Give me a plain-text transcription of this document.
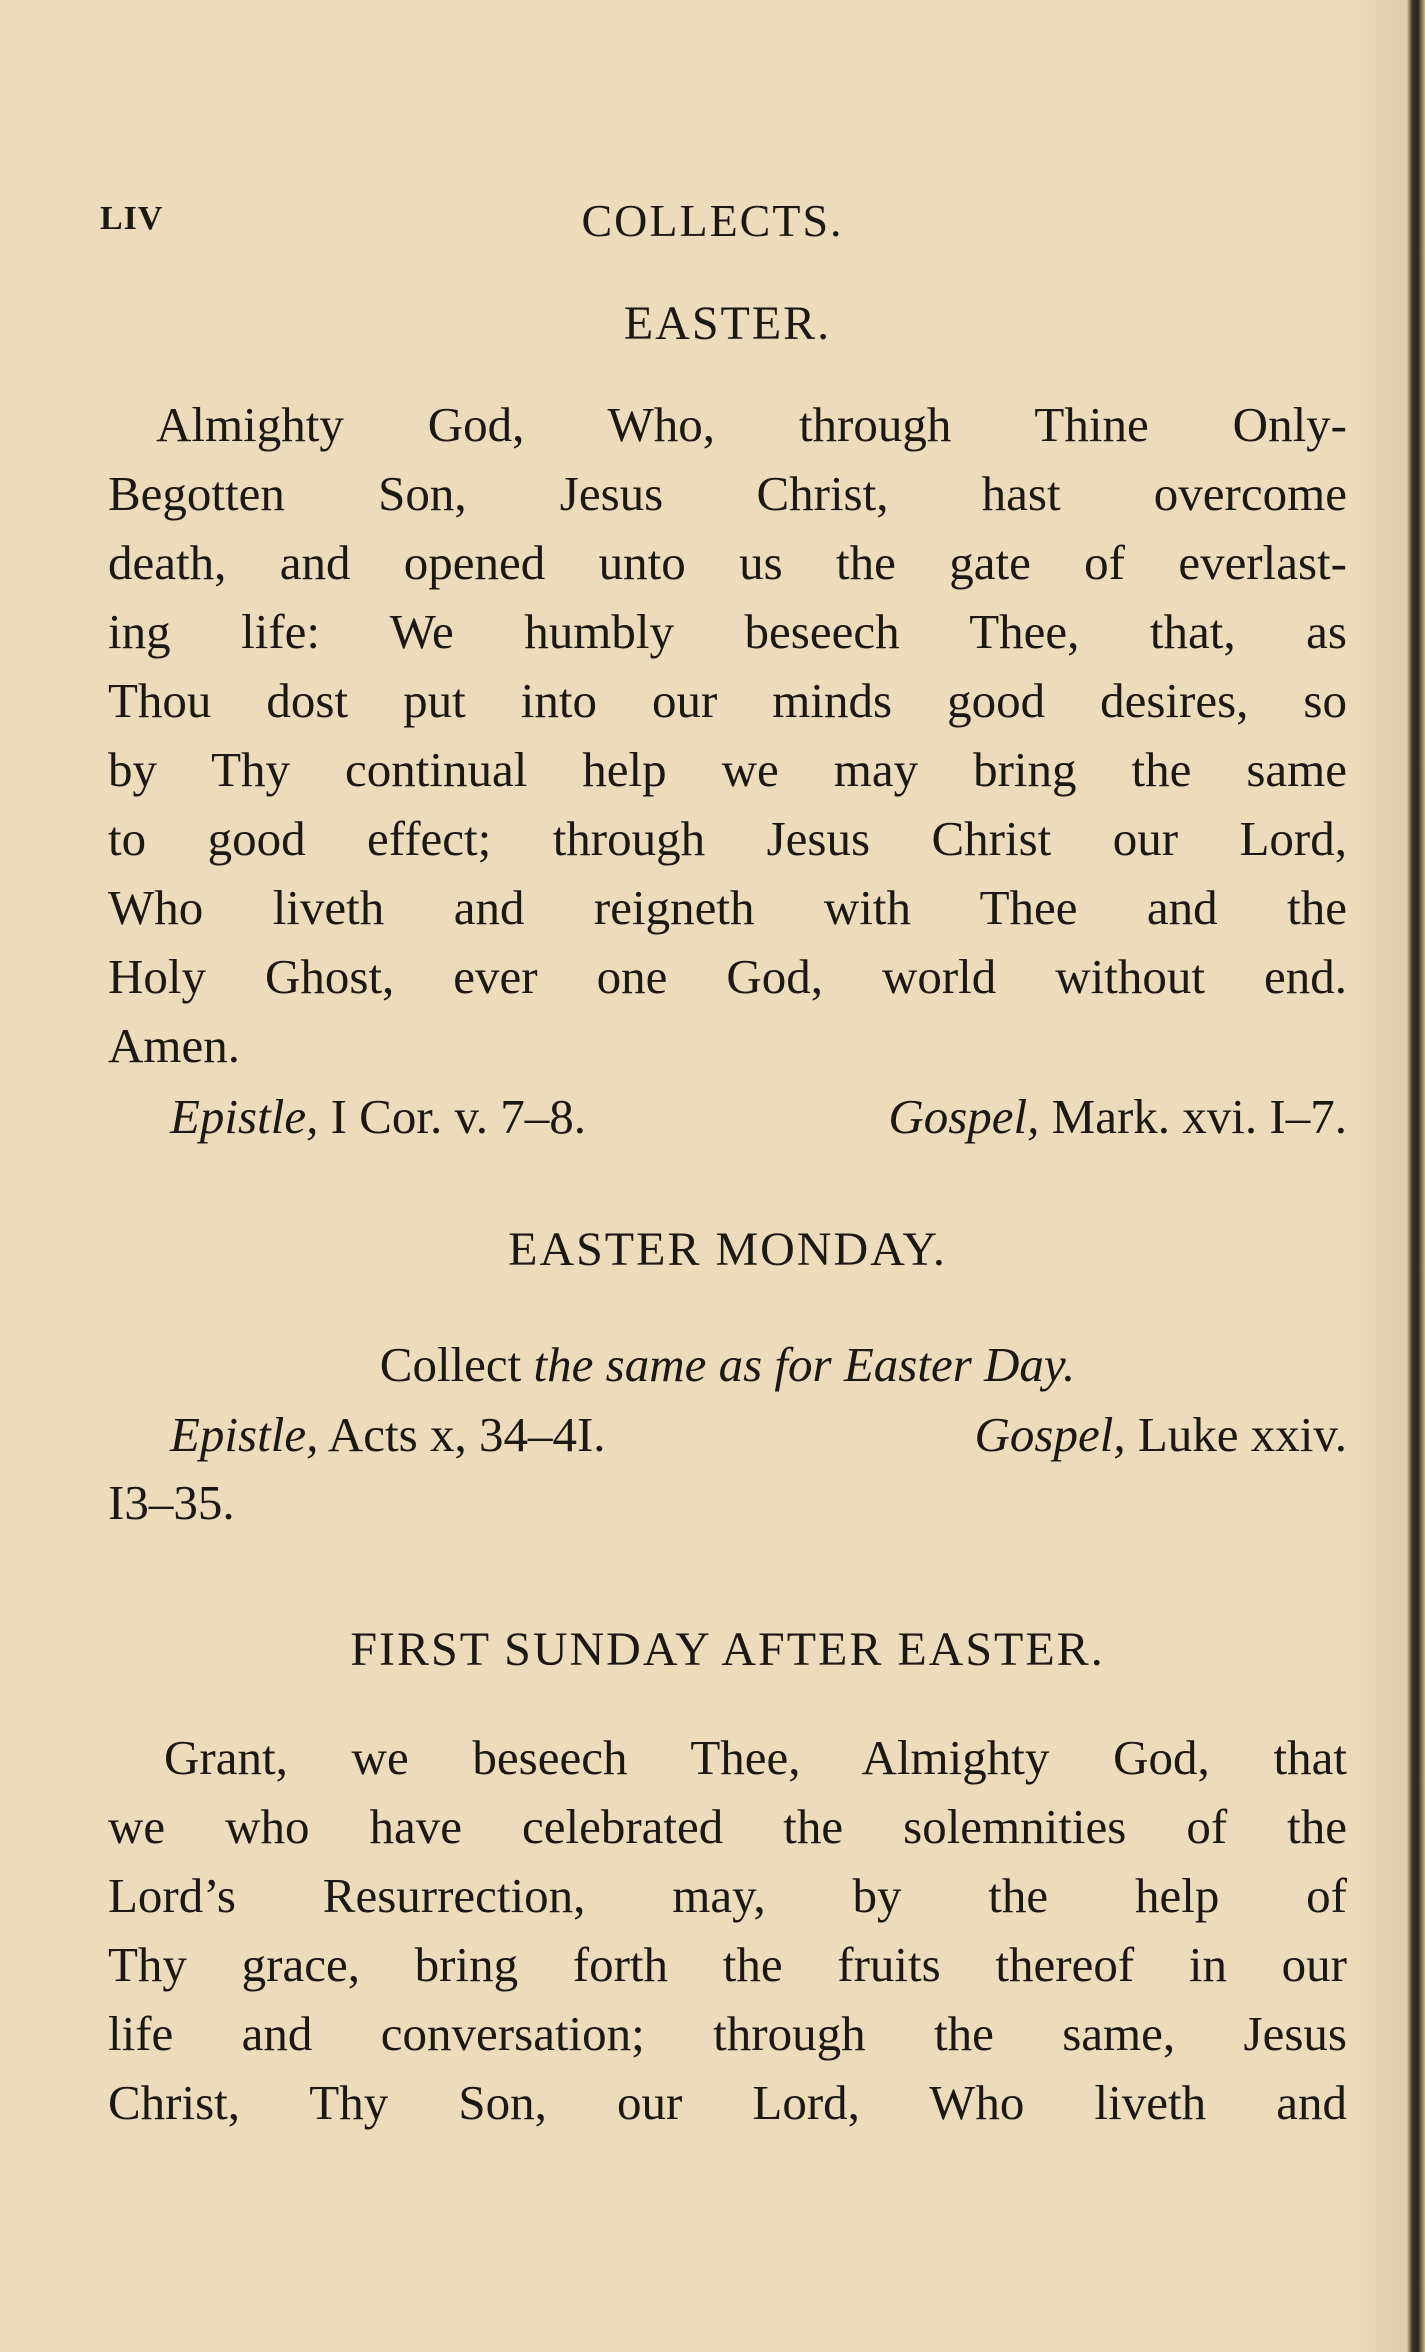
LIV	COLLECTS.
EASTER.
Almighty God, Who, through Thine Only-
Begotten Son, Jesus Christ, hast overcome
death, and opened unto us the gate of everlast-
ing life: We humbly beseech Thee, that, as
Thou dost put into our minds good desires, so
by Thy continual help we may bring the same
to good effect; through Jesus Christ our Lord,
Who liveth and reigneth with Thee and the
Holy Ghost, ever one God, world without end.
Amen.
Epistle, I Cor. v. 7–8.	Gospel, Mark. xvi. I–7.
EASTER MONDAY.
Collect the same as for Easter Day.
Epistle, Acts x, 34–4I.	Gospel, Luke xxiv.
I3–35.
FIRST SUNDAY AFTER EASTER.
Grant, we beseech Thee, Almighty God, that
we who have celebrated the solemnities of the
Lord’s Resurrection, may, by the help of
Thy grace, bring forth the fruits thereof in our
life and conversation; through the same, Jesus
Christ, Thy Son, our Lord, Who liveth and
